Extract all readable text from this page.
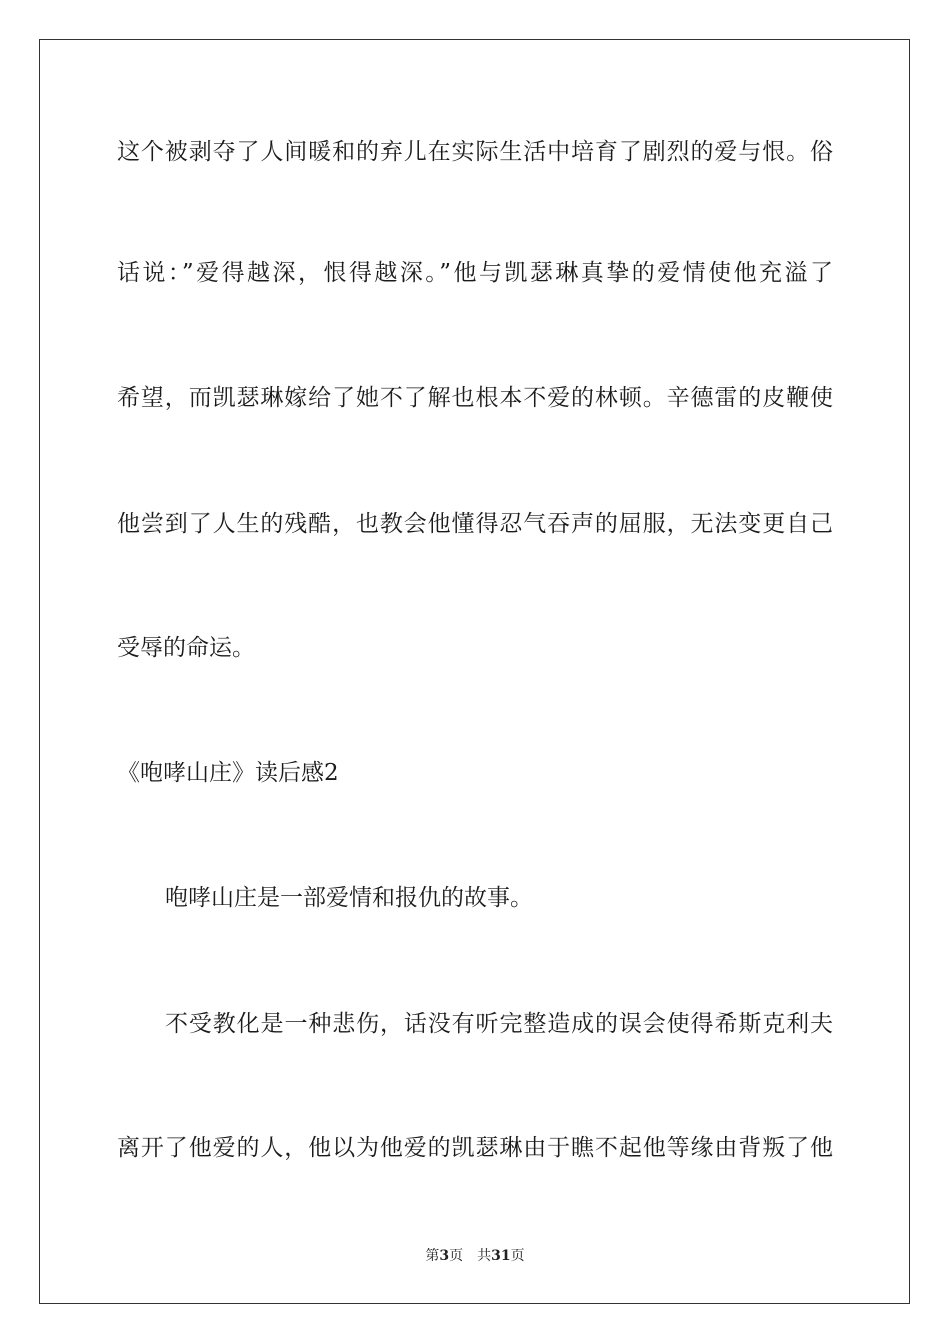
这个被剥夺了人间暖和的弃儿在实际生活中培育了剧烈的爱与恨。俗
话说：”爱得越深，恨得越深。”他与凯瑟琳真挚的爱情使他充溢了
希望，而凯瑟琳嫁给了她不了解也根本不爱的林顿。辛德雷的皮鞭使
他尝到了人生的残酷，也教会他懂得忍气吞声的屈服，无法变更自己
受辱的命运。
《咆哮山庄》读后感2
咆哮山庄是一部爱情和报仇的故事。
不受教化是一种悲伤，话没有听完整造成的误会使得希斯克利夫
离开了他爱的人，他以为他爱的凯瑟琳由于瞧不起他等缘由背叛了他
第3页 共31页
